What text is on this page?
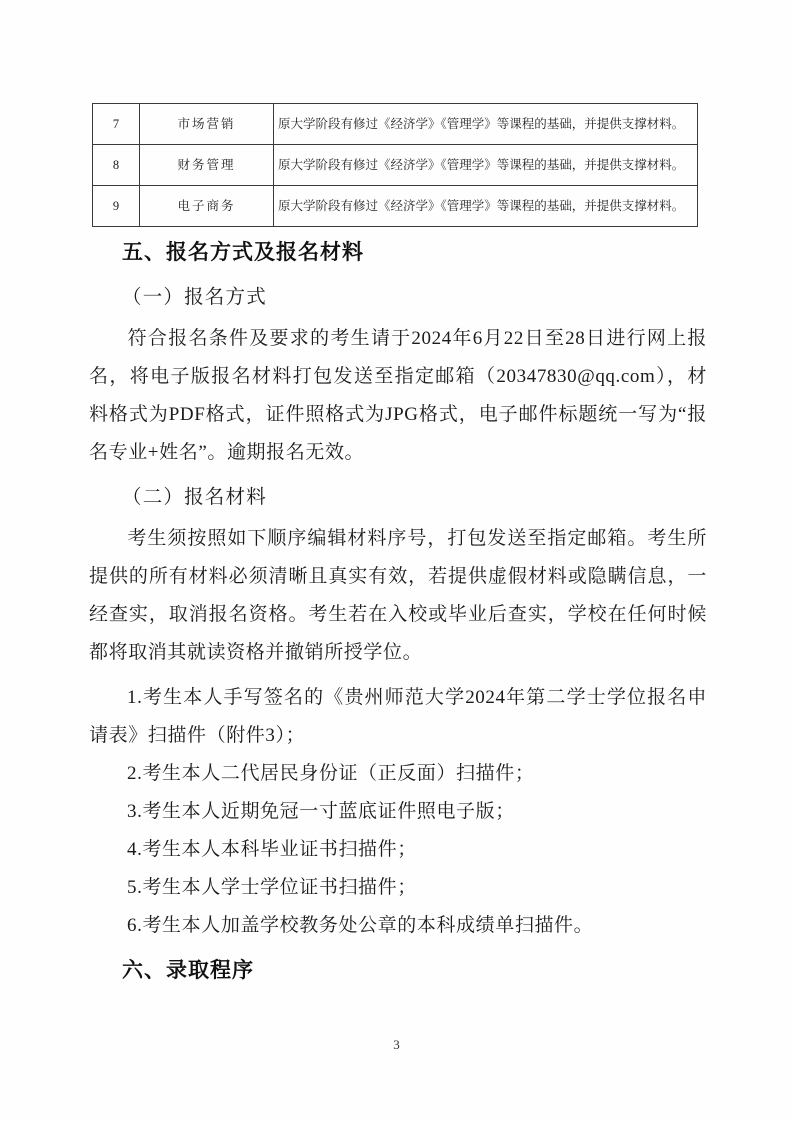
7	市场营销	原大学阶段有修过《经济学》《管理学》等课程的基础，并提供支撑材料。
8	财务管理	原大学阶段有修过《经济学》《管理学》等课程的基础，并提供支撑材料。
9	电子商务	原大学阶段有修过《经济学》《管理学》等课程的基础，并提供支撑材料。
五、报名方式及报名材料
（一）报名方式
符合报名条件及要求的考生请于2024年6月22日至28日进行网上报名，将电子版报名材料打包发送至指定邮箱（20347830@qq.com），材料格式为PDF格式，证件照格式为JPG格式，电子邮件标题统一写为“报名专业+姓名”。逾期报名无效。
（二）报名材料
考生须按照如下顺序编辑材料序号，打包发送至指定邮箱。考生所提供的所有材料必须清晰且真实有效，若提供虚假材料或隐瞒信息，一经查实，取消报名资格。考生若在入校或毕业后查实，学校在任何时候都将取消其就读资格并撤销所授学位。
1.考生本人手写签名的《贵州师范大学2024年第二学士学位报名申请表》扫描件（附件3）；
2.考生本人二代居民身份证（正反面）扫描件；
3.考生本人近期免冠一寸蓝底证件照电子版；
4.考生本人本科毕业证书扫描件；
5.考生本人学士学位证书扫描件；
6.考生本人加盖学校教务处公章的本科成绩单扫描件。
六、录取程序
3
